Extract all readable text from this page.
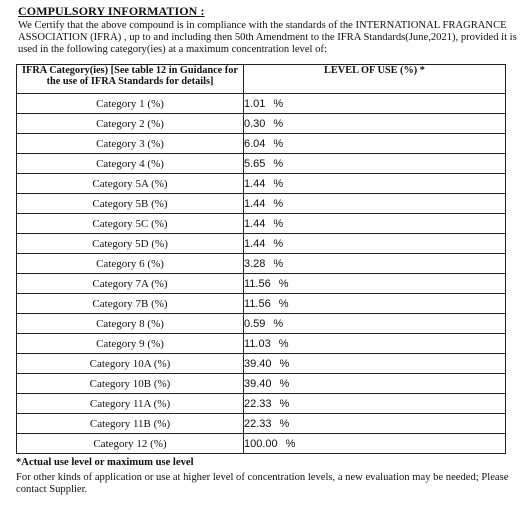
COMPULSORY INFORMATION :
We Certify that the above compound is in compliance with the standards of the INTERNATIONAL FRAGRANCE ASSOCIATION (IFRA) , up to and including then 50th Amendment to the IFRA Standards(June,2021), provided it is used in the following category(ies) at a maximum concentration level of:
IFRA Category(ies) [See table 12 in Guidance for the use of IFRA Standards for details]	LEVEL OF USE (%) *
Category 1 (%)	1.01 %
Category 2 (%)	0.30 %
Category 3 (%)	6.04 %
Category 4 (%)	5.65 %
Category 5A (%)	1.44 %
Category 5B (%)	1.44 %
Category 5C (%)	1.44 %
Category 5D (%)	1.44 %
Category 6 (%)	3.28 %
Category 7A (%)	11.56 %
Category 7B (%)	11.56 %
Category 8 (%)	0.59 %
Category 9 (%)	11.03 %
Category 10A (%)	39.40 %
Category 10B (%)	39.40 %
Category 11A (%)	22.33 %
Category 11B (%)	22.33 %
Category 12 (%)	100.00 %
*Actual use level or maximum use level
For other kinds of application or use at higher level of concentration levels, a new evaluation may be needed; Please contact Supplier.
